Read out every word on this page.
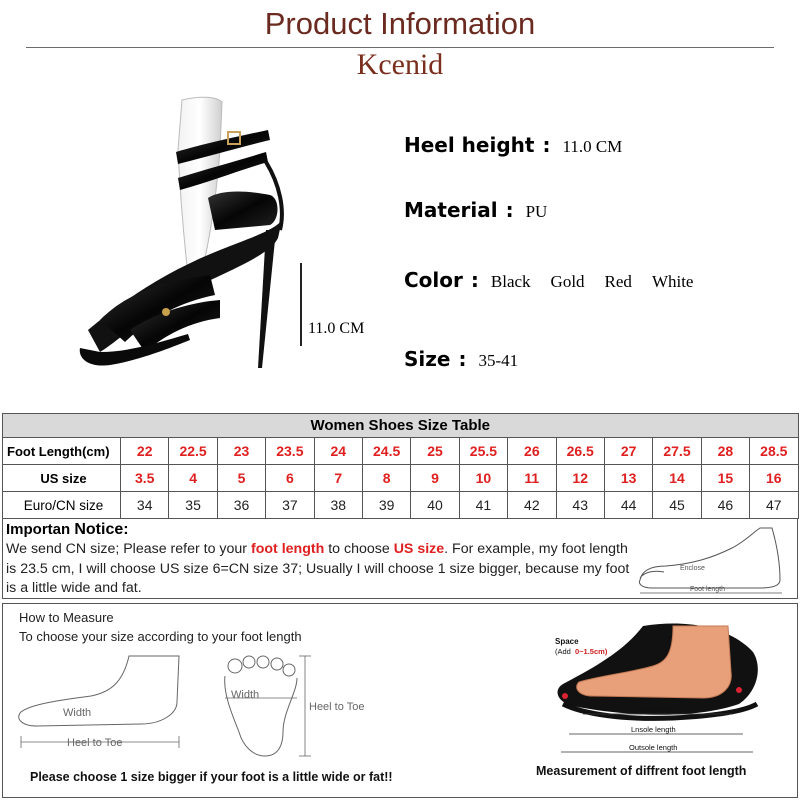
Product Information
Kcenid
11.0 CM
Heel height : 11.0 CM
Material : PU
Color : Black Gold Red White
Size : 35-41
Women Shoes Size Table														
Foot Length(cm)	22	22.5	23	23.5	24	24.5	25	25.5	26	26.5	27	27.5	28	28.5
US size	3.5	4	5	6	7	8	9	10	11	12	13	14	15	16
Euro/CN size	34	35	36	37	38	39	40	41	42	43	44	45	46	47
Importan Notice:
We send CN size; Please refer to your foot length to choose US size. For example, my foot length is 23.5 cm, I will choose US size 6=CN size 37; Usually I will choose 1 size bigger, because my foot is a little wide and fat.
Enclose
Foot length
How to Measure
To choose your size according to your foot length
Width
Heel to Toe
Width
Heel to Toe
Space
(Add 0~1.5cm)
Foot length
Lnsole length
Outsole length
Please choose 1 size bigger if your foot is a little wide or fat!!	Measurement of diffrent foot length
